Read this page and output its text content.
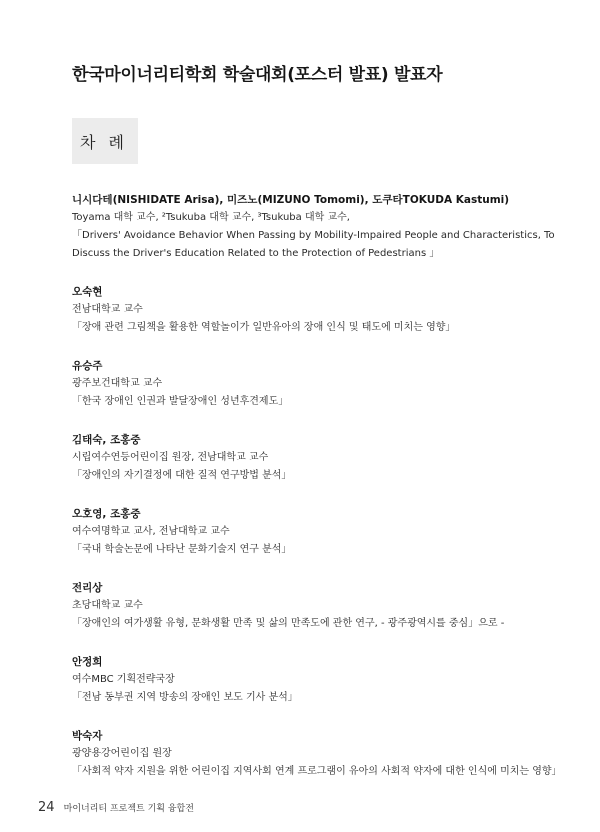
한국마이너리티학회 학술대회(포스터 발표) 발표자
차 례
니시다테(NISHIDATE Arisa), 미즈노(MIZUNO Tomomi), 도쿠타TOKUDA Kastumi)
Toyama 대학 교수, ²Tsukuba 대학 교수, ³Tsukuba 대학 교수,
「Drivers' Avoidance Behavior When Passing by Mobility-Impaired People and Characteristics, To Discuss the Driver's Education Related to the Protection of Pedestrians 」
오숙현
전남대학교 교수
「장애 관련 그림책을 활용한 역할놀이가 일반유아의 장애 인식 및 태도에 미치는 영향」
유승주
광주보건대학교 교수
「한국 장애인 인권과 발달장애인 성년후견제도」
김태숙, 조홍중
시립여수연등어린이집 원장, 전남대학교 교수
「장애인의 자기결정에 대한 질적 연구방법 분석」
오호영, 조홍중
여수여명학교 교사, 전남대학교 교수
「국내 학술논문에 나타난 문화기술지 연구 분석」
전리상
초당대학교 교수
「장애인의 여가생활 유형, 문화생활 만족 및 삶의 만족도에 관한 연구, - 광주광역시를 중심」으로 -
안정희
여수MBC 기획전략국장
「전남 동부권 지역 방송의 장애인 보도 기사 분석」
박숙자
광양용강어린이집 원장
「사회적 약자 지원을 위한 어린이집 지역사회 연계 프로그램이 유아의 사회적 약자에 대한 인식에 미치는 영향」
24 마이너리티 프로젝트 기획 융합전
